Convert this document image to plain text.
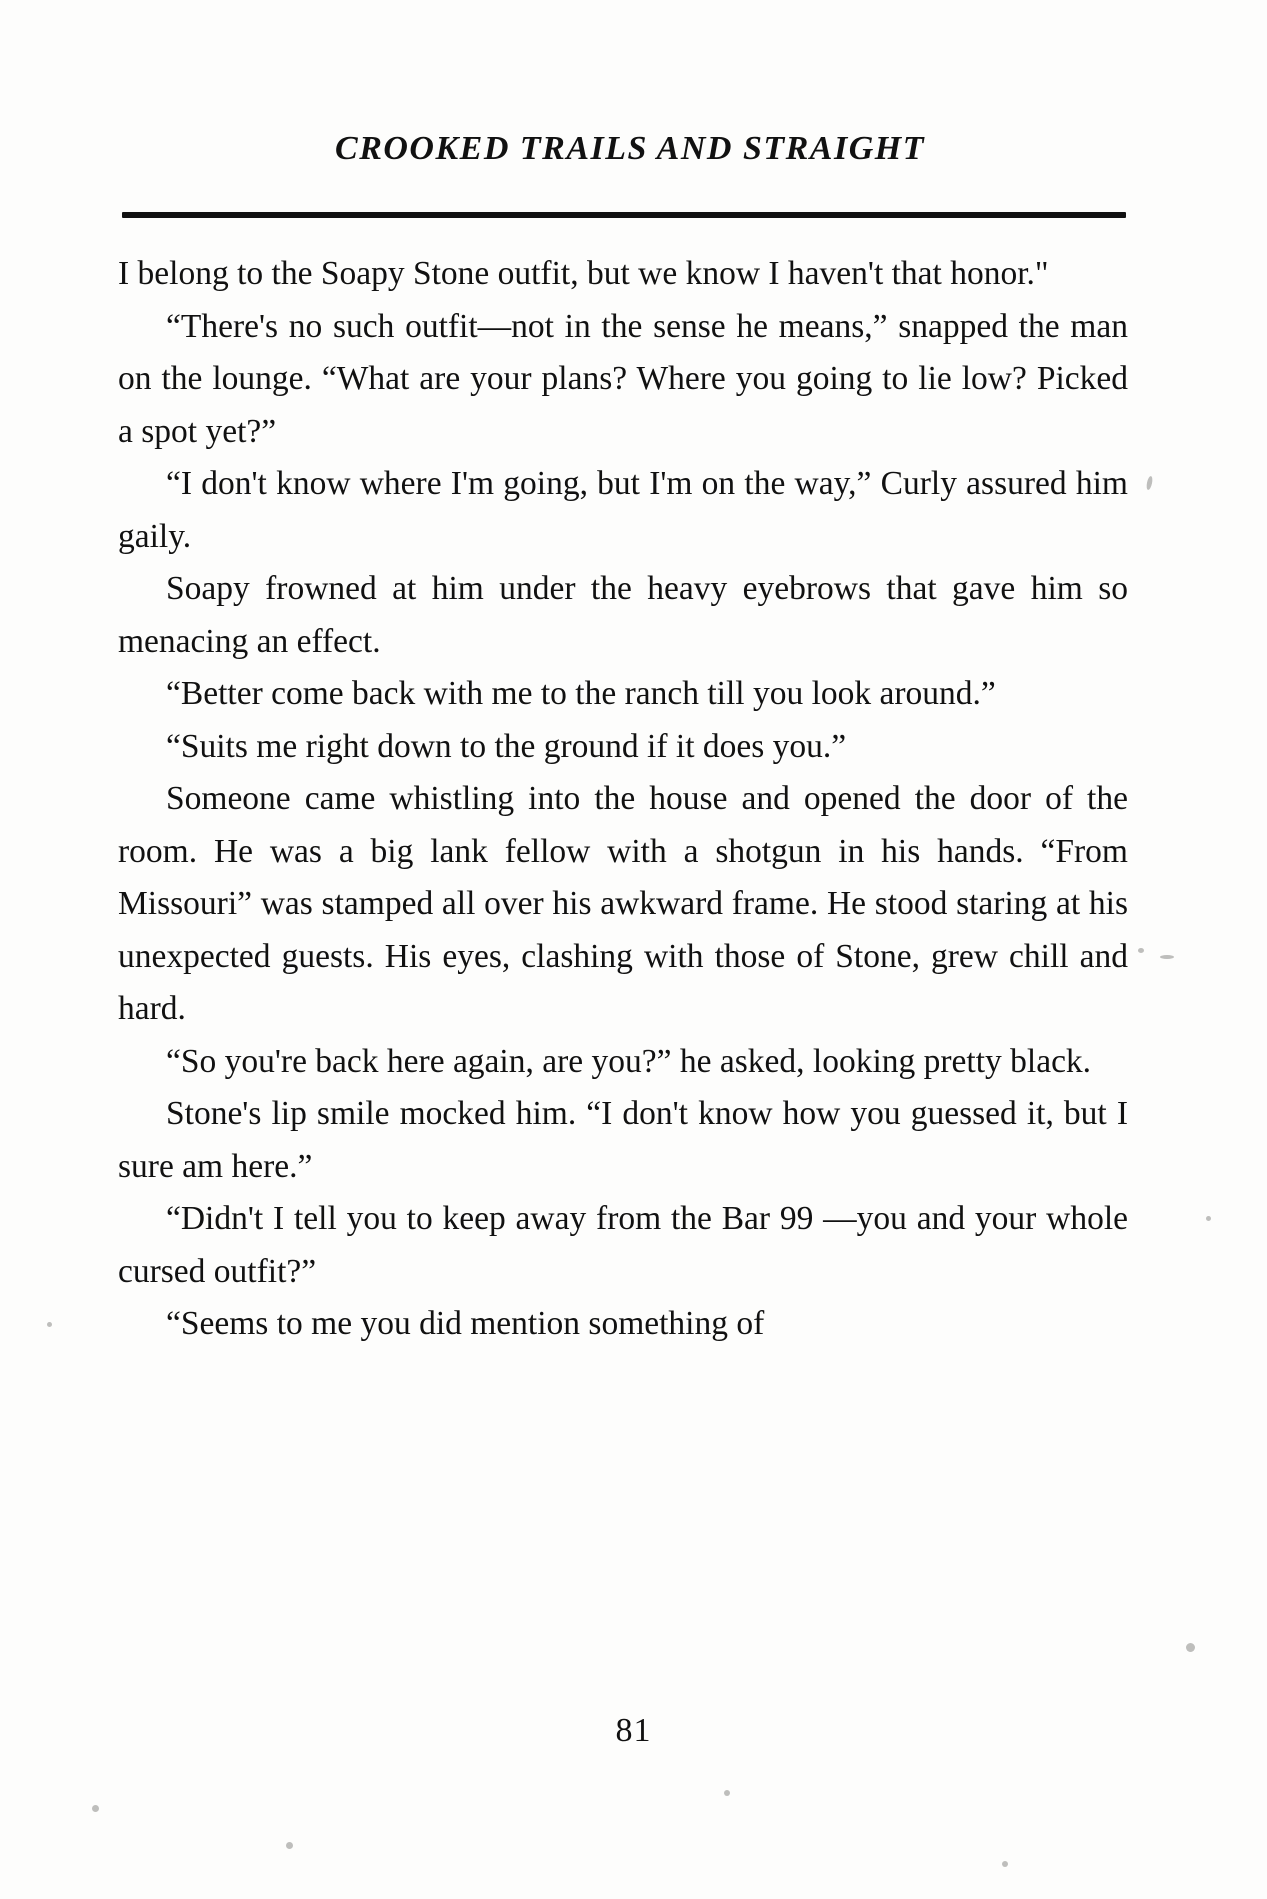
CROOKED TRAILS AND STRAIGHT

I belong to the Soapy Stone outfit, but we know I haven't that honor."

“There's no such outfit—not in the sense he means,” snapped the man on the lounge. “What are your plans? Where you going to lie low? Picked a spot yet?”

“I don't know where I'm going, but I'm on the way,” Curly assured him gaily.

Soapy frowned at him under the heavy eyebrows that gave him so menacing an effect.

“Better come back with me to the ranch till you look around.”

“Suits me right down to the ground if it does you.”

Someone came whistling into the house and opened the door of the room. He was a big lank fellow with a shotgun in his hands. “From Missouri” was stamped all over his awkward frame. He stood staring at his unexpected guests. His eyes, clashing with those of Stone, grew chill and hard.

“So you're back here again, are you?” he asked, looking pretty black.

Stone's lip smile mocked him. “I don't know how you guessed it, but I sure am here.”

“Didn't I tell you to keep away from the Bar 99 —you and your whole cursed outfit?”

“Seems to me you did mention something of

81
